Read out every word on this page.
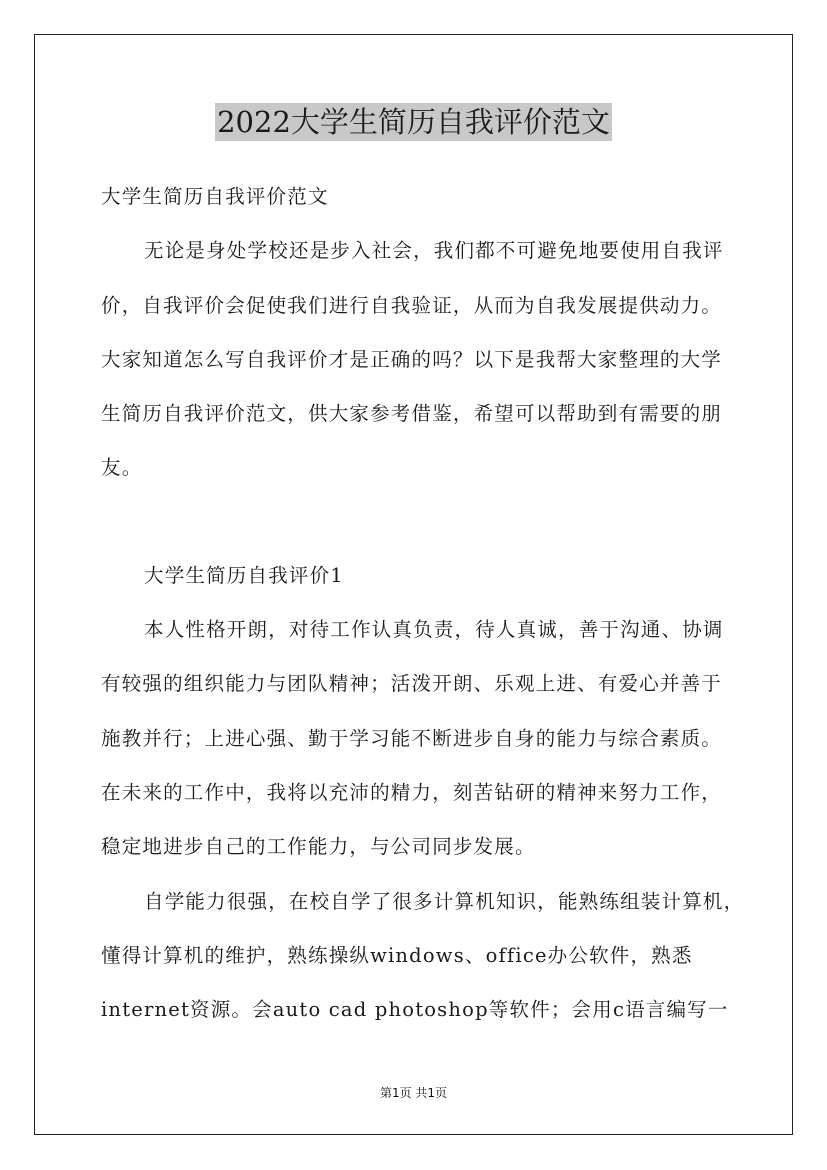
2022大学生简历自我评价范文
大学生简历自我评价范文
无论是身处学校还是步入社会，我们都不可避免地要使用自我评
价，自我评价会促使我们进行自我验证，从而为自我发展提供动力。
大家知道怎么写自我评价才是正确的吗？以下是我帮大家整理的大学
生简历自我评价范文，供大家参考借鉴，希望可以帮助到有需要的朋
友。
大学生简历自我评价1
本人性格开朗，对待工作认真负责，待人真诚，善于沟通、协调
有较强的组织能力与团队精神；活泼开朗、乐观上进、有爱心并善于
施教并行；上进心强、勤于学习能不断进步自身的能力与综合素质。
在未来的工作中，我将以充沛的精力，刻苦钻研的精神来努力工作，
稳定地进步自己的工作能力，与公司同步发展。
自学能力很强，在校自学了很多计算机知识，能熟练组装计算机，
懂得计算机的维护，熟练操纵windows、office办公软件，熟悉
internet资源。会auto cad photoshop等软件；会用c语言编写一
第1页 共1页
